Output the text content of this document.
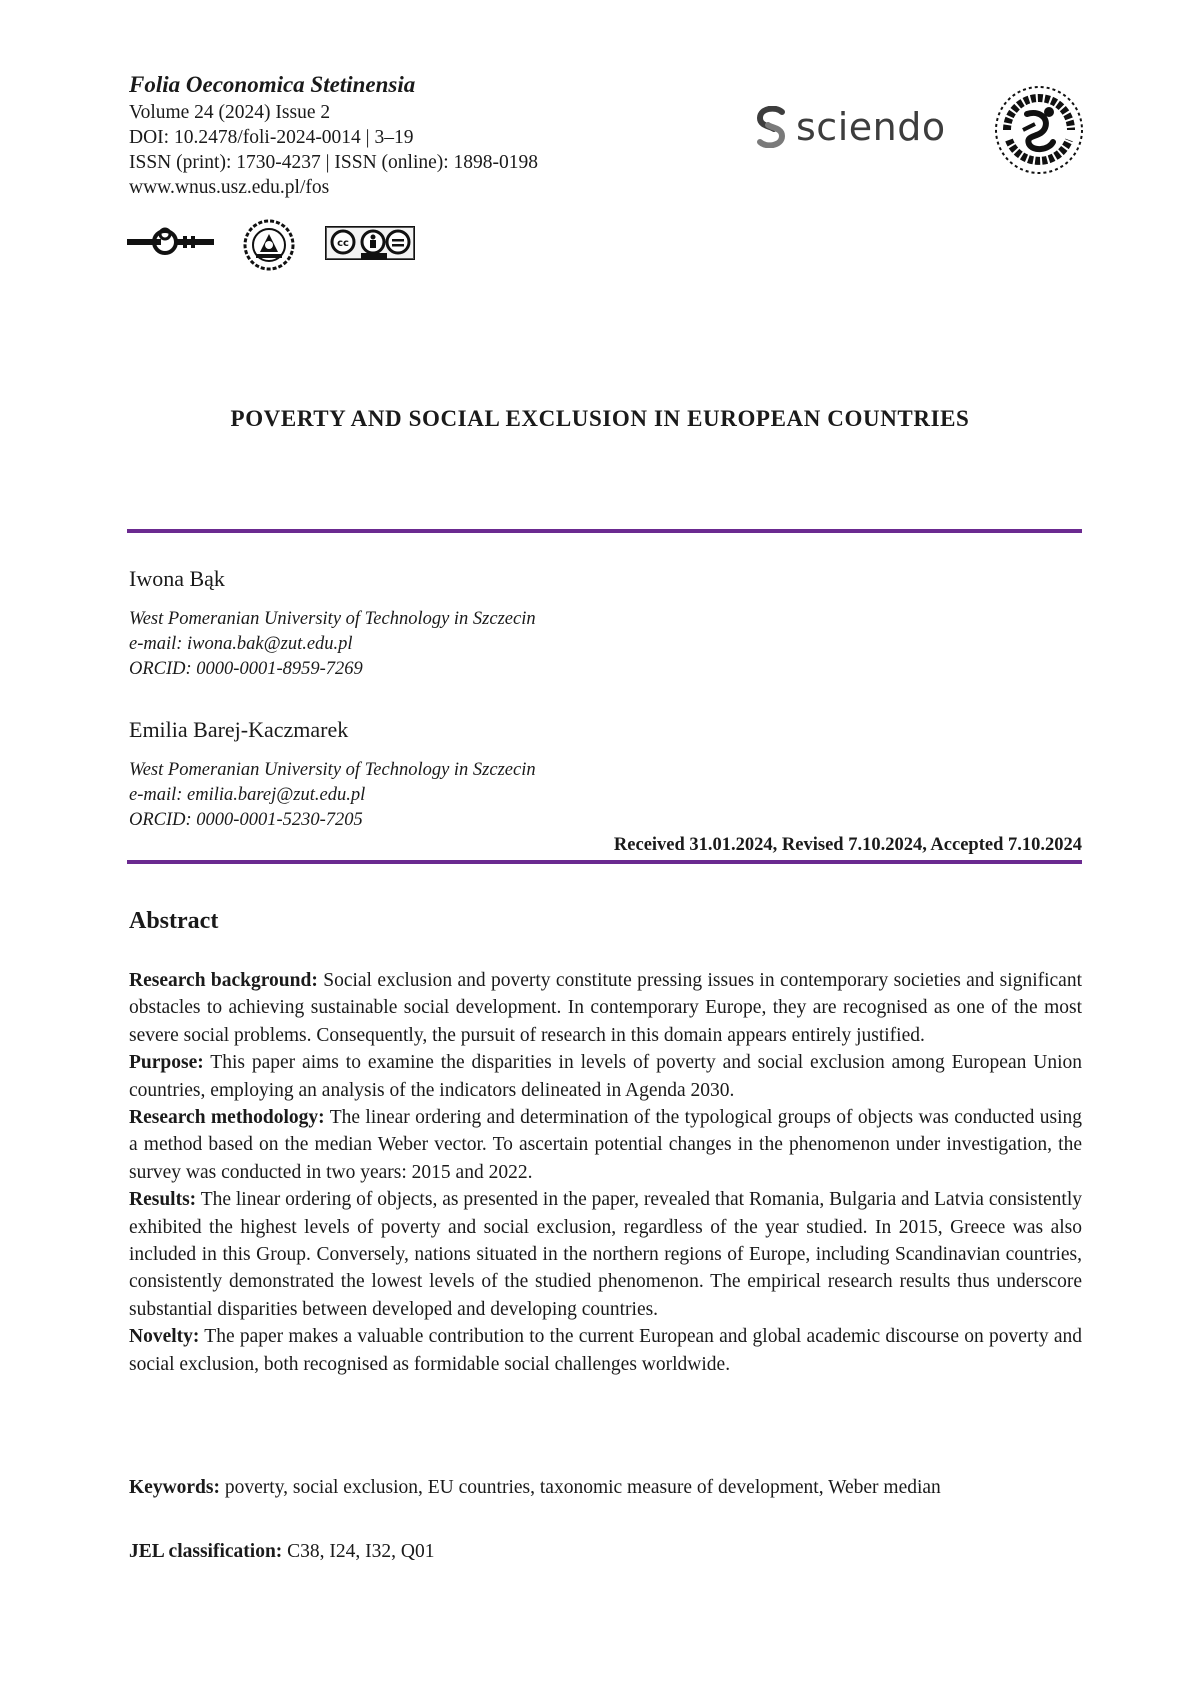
Folia Oeconomica Stetinensia
Volume 24 (2024) Issue 2
DOI: 10.2478/foli-2024-0014 | 3–19
ISSN (print): 1730-4237 | ISSN (online): 1898-0198
www.wnus.usz.edu.pl/fos
cc
sciendo
POVERTY AND SOCIAL EXCLUSION IN EUROPEAN COUNTRIES
Iwona Bąk
West Pomeranian University of Technology in Szczecin
e-mail: iwona.bak@zut.edu.pl
ORCID: 0000-0001-8959-7269
Emilia Barej-Kaczmarek
West Pomeranian University of Technology in Szczecin
e-mail: emilia.barej@zut.edu.pl
ORCID: 0000-0001-5230-7205
Received 31.01.2024, Revised 7.10.2024, Accepted 7.10.2024
Abstract

Research background: Social exclusion and poverty constitute pressing issues in contemporary societies and significant obstacles to achieving sustainable social development. In contemporary Europe, they are recognised as one of the most severe social problems. Consequently, the pursuit of research in this domain appears entirely justified.

Purpose: This paper aims to examine the disparities in levels of poverty and social exclusion among European Union countries, employing an analysis of the indicators delineated in Agenda 2030.

Research methodology: The linear ordering and determination of the typological groups of objects was conducted using a method based on the median Weber vector. To ascertain potential changes in the phenomenon under investigation, the survey was conducted in two years: 2015 and 2022.

Results: The linear ordering of objects, as presented in the paper, revealed that Romania, Bulgaria and Latvia consistently exhibited the highest levels of poverty and social exclusion, regardless of the year studied. In 2015, Greece was also included in this Group. Conversely, nations situated in the northern regions of Europe, including Scandinavian countries, consistently demonstrated the lowest levels of the studied phenomenon. The empirical research results thus underscore substantial disparities between developed and developing countries.

Novelty: The paper makes a valuable contribution to the current European and global academic discourse on poverty and social exclusion, both recognised as formidable social challenges worldwide.

Keywords: poverty, social exclusion, EU countries, taxonomic measure of development, Weber median
JEL classification: C38, I24, I32, Q01
